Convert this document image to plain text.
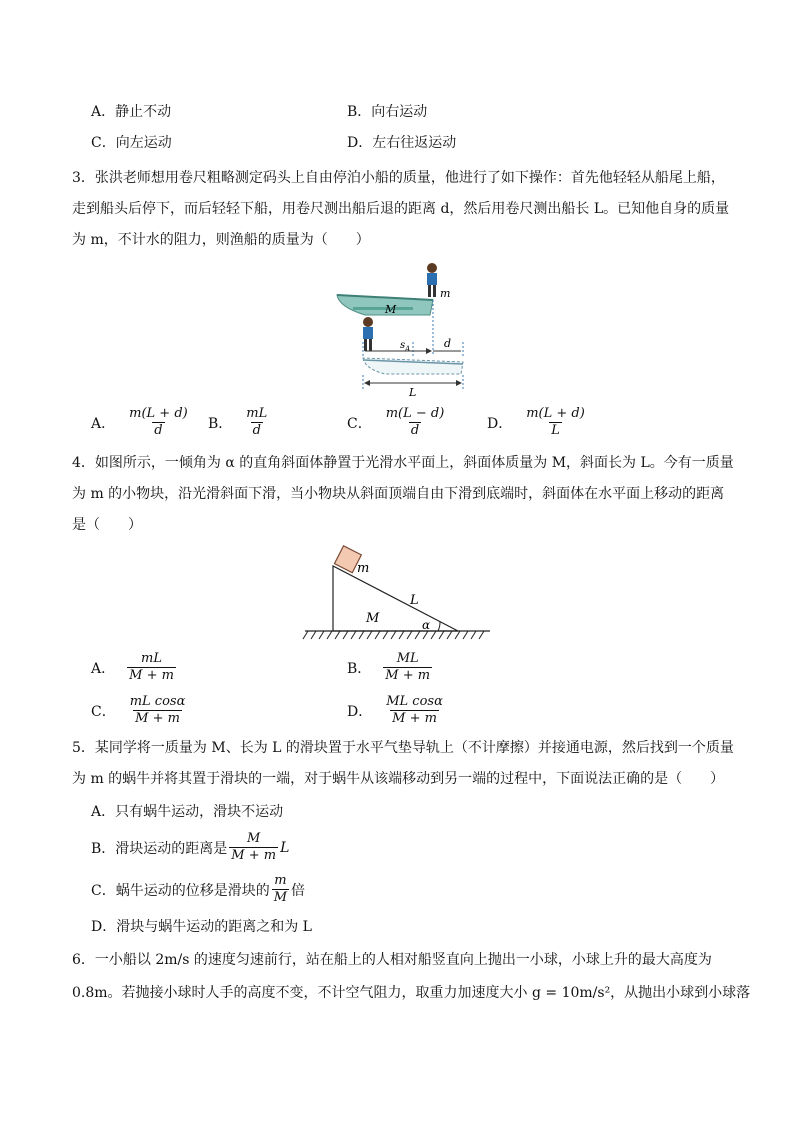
A．静止不动	B．向右运动
C．向左运动	D．左右往返运动
3．张洪老师想用卷尺粗略测定码头上自由停泊小船的质量，他进行了如下操作：首先他轻轻从船尾上船，
走到船头后停下，而后轻轻下船，用卷尺测出船后退的距离 d，然后用卷尺测出船长 L。已知他自身的质量
为 m，不计水的阻力，则渔船的质量为（　　）
m
M
$s_A$	d
L
A． $\frac{m(L + d)}{d}$ B． $\frac{mL}{d}$	C． $\frac{m(L - d)}{d}$	D． $\frac{m(L + d)}{L}$
4．如图所示，一倾角为 α 的直角斜面体静置于光滑水平面上，斜面体质量为 M，斜面长为 L。今有一质量
为 m 的小物块，沿光滑斜面下滑，当小物块从斜面顶端自由下滑到底端时，斜面体在水平面上移动的距离
是（　　）
m
L
M	α
A． $\frac{mL}{M + m}$	B． $\frac{ML}{M + m}$
C． $\frac{\text{mL cosα}}{M + m}$	D． $\frac{\text{ML cosα}}{M + m}$
5．某同学将一质量为 M、长为 L 的滑块置于水平气垫导轨上（不计摩擦）并接通电源，然后找到一个质量
为 m 的蜗牛并将其置于滑块的一端，对于蜗牛从该端移动到另一端的过程中，下面说法正确的是（　　）
A．只有蜗牛运动，滑块不运动
B．滑块运动的距离是 $\frac{M}{M + m}$ L
C．蜗牛运动的位移是滑块的 $\frac{m}{M}$ 倍
D．滑块与蜗牛运动的距离之和为 L
6．一小船以 2m/s 的速度匀速前行，站在船上的人相对船竖直向上抛出一小球，小球上升的最大高度为
0.8m。若抛接小球时人手的高度不变，不计空气阻力，取重力加速度大小 g = 10m/s²，从抛出小球到小球落
